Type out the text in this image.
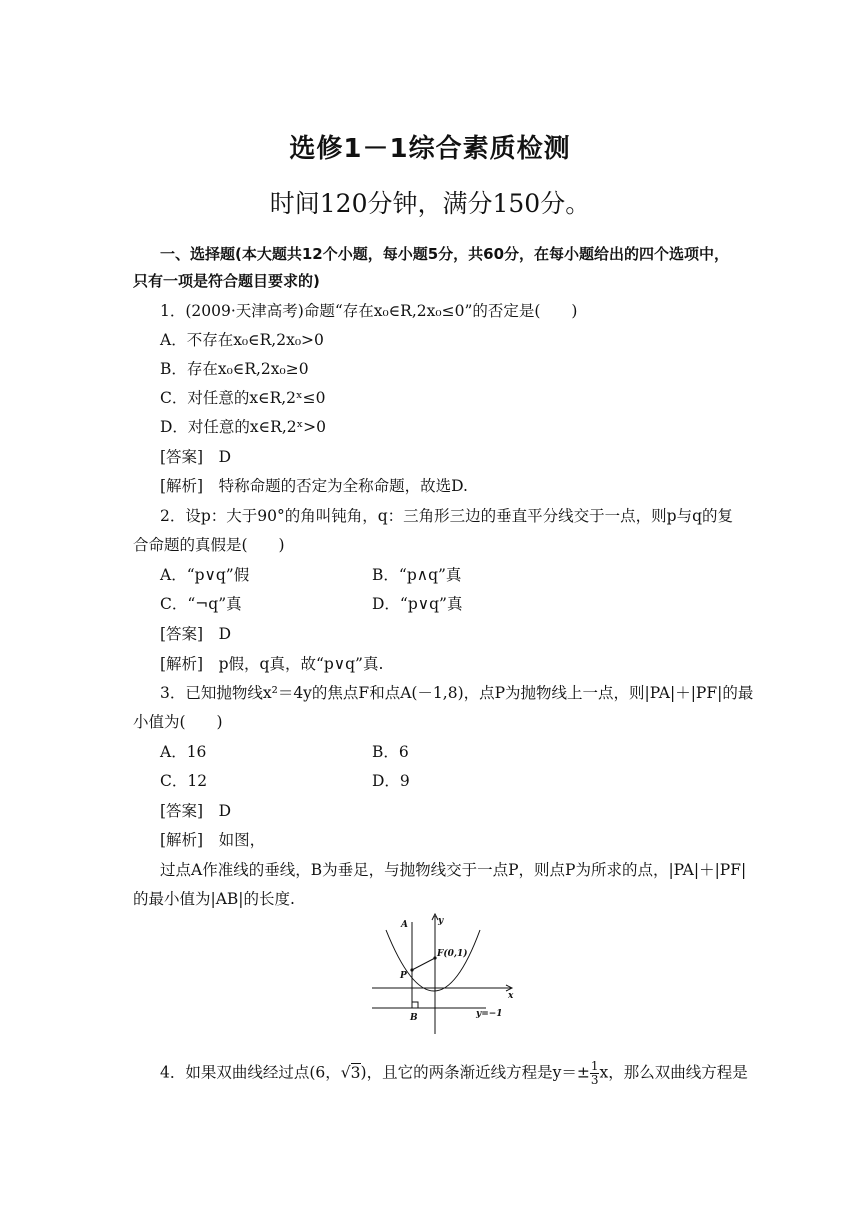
选修1－1综合素质检测
时间120分钟，满分150分。
一、选择题(本大题共12个小题，每小题5分，共60分，在每小题给出的四个选项中，
只有一项是符合题目要求的)
1．(2009·天津高考)命题“存在x₀∈R,2x₀≤0”的否定是(　　)
A．不存在x₀∈R,2x₀>0
B．存在x₀∈R,2x₀≥0
C．对任意的x∈R,2ˣ≤0
D．对任意的x∈R,2ˣ>0
[答案]　D
[解析]　特称命题的否定为全称命题，故选D.
2．设p：大于90°的角叫钝角，q：三角形三边的垂直平分线交于一点，则p与q的复
合命题的真假是(　　)
A．“p∨q”假	B．“p∧q”真
C．“¬q”真	D．“p∨q”真
[答案]　D
[解析]　p假，q真，故“p∨q”真.
3．已知抛物线x²＝4y的焦点F和点A(－1,8)，点P为抛物线上一点，则|PA|＋|PF|的最
小值为(　　)
A．16	B．6
C．12	D．9
[答案]　D
[解析]　如图，
过点A作准线的垂线，B为垂足，与抛物线交于一点P，则点P为所求的点，|PA|＋|PF|
的最小值为|AB|的长度.
A	y
F(0,1)
P
x
B	y=−1
4．如果双曲线经过点(6，√3)，且它的两条渐近线方程是$y=\pm \frac{1}{3}$ x，那么双曲线方程是
